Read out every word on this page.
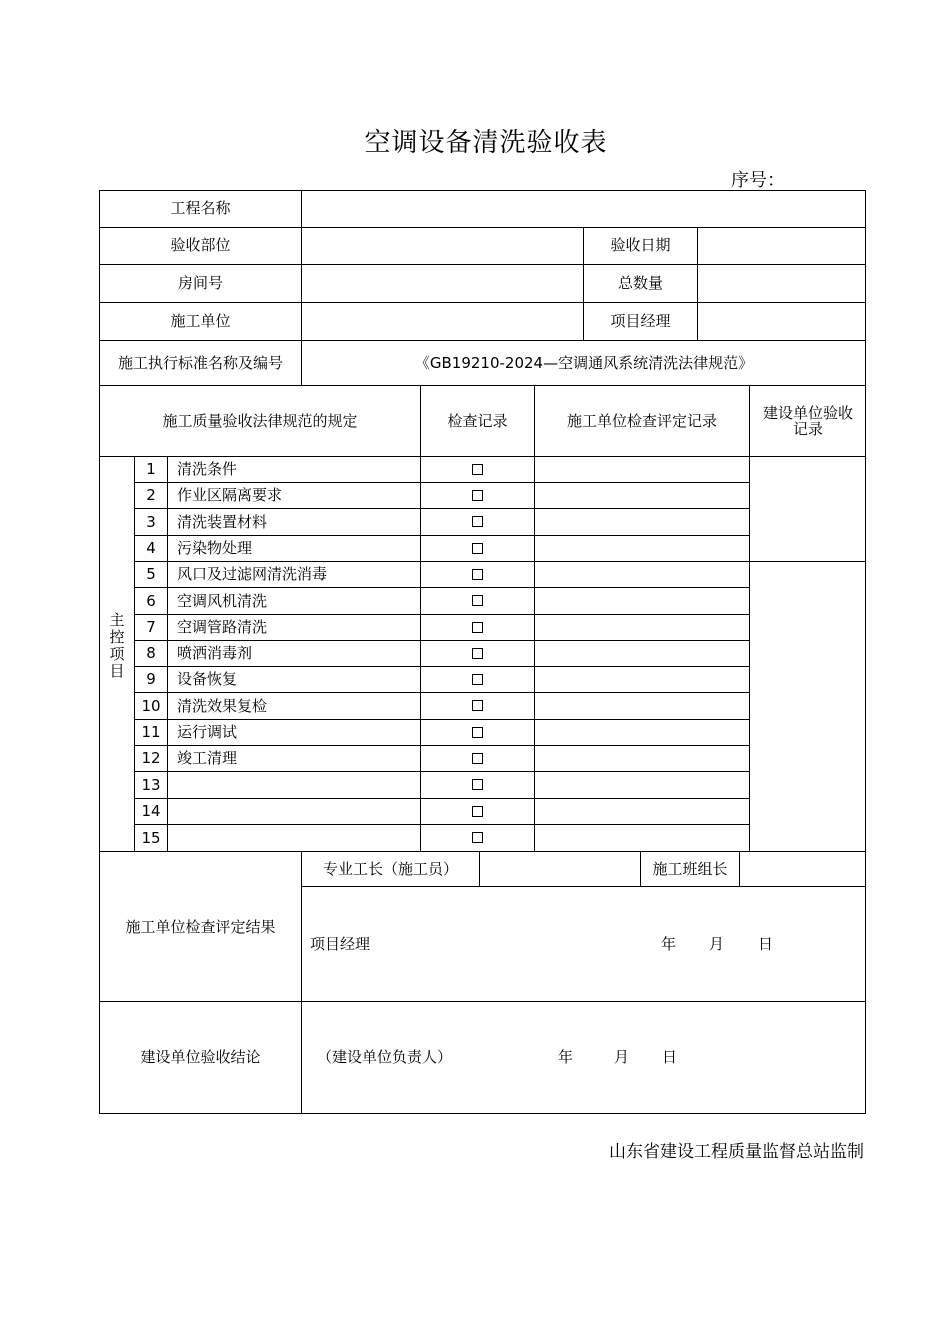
空调设备清洗验收表
序号：
工程名称
验收部位	验收日期
房间号	总数量
施工单位	项目经理
施工执行标准名称及编号	《GB19210-2024—空调通风系统清洗法律规范》
施工质量验收法律规范的规定	检查记录	施工单位检查评定记录	建设单位验收
记录
主
控
项
目
1	清洗条件
2	作业区隔离要求
3	清洗装置材料
4	污染物处理
5	风口及过滤网清洗消毒
6	空调风机清洗
7	空调管路清洗
8	喷洒消毒剂
9	设备恢复
10	清洗效果复检
11	运行调试
12	竣工清理
13
14
15
施工单位检查评定结果
专业工长（施工员）	施工班组长
项目经理	年 月 日
建设单位验收结论	（建设单位负责人）	年	月 日
山东省建设工程质量监督总站监制
